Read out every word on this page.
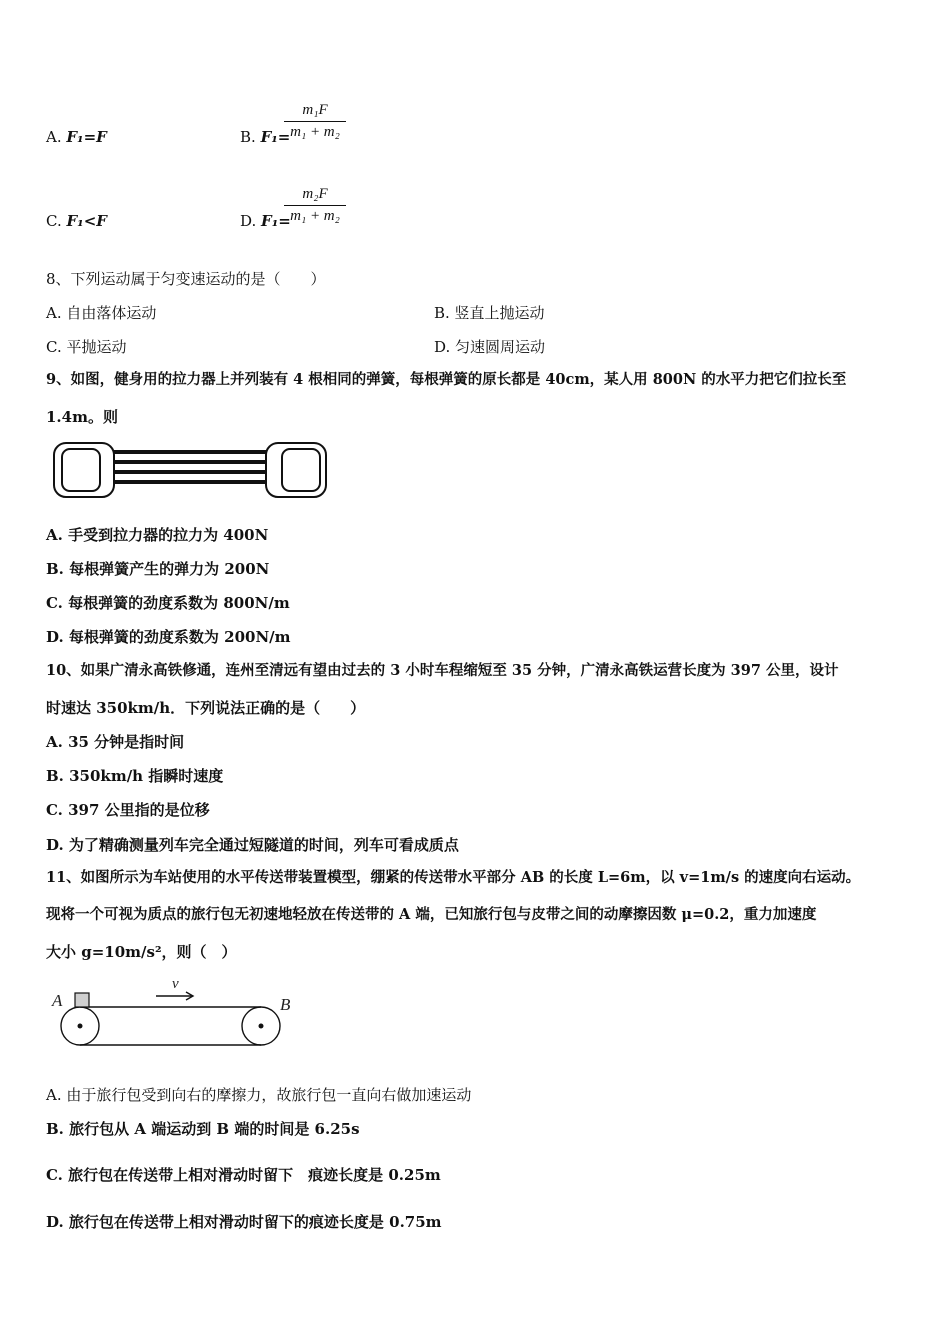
A. F₁=F	B. F₁=
m₁F
m₁ + m₂
C. F₁<F	D. F₁=
m₂F
m₁ + m₂
8、下列运动属于匀变速运动的是（　　）
A. 自由落体运动	B. 竖直上抛运动
C. 平抛运动	D. 匀速圆周运动
9、如图，健身用的拉力器上并列装有 4 根相同的弹簧，每根弹簧的原长都是 40cm，某人用 800N 的水平力把它们拉长至
1.4m。则
A. 手受到拉力器的拉力为 400N
B. 每根弹簧产生的弹力为 200N
C. 每根弹簧的劲度系数为 800N/m
D. 每根弹簧的劲度系数为 200N/m
10、如果广清永高铁修通，连州至清远有望由过去的 3 小时车程缩短至 35 分钟，广清永高铁运营长度为 397 公里，设计
时速达 350km/h．下列说法正确的是（　　）
A. 35 分钟是指时间
B. 350km/h 指瞬时速度
C. 397 公里指的是位移
D. 为了精确测量列车完全通过短隧道的时间，列车可看成质点
11、如图所示为车站使用的水平传送带装置模型，绷紧的传送带水平部分 AB 的长度 L=6m，以 v=1m/s 的速度向右运动。
现将一个可视为质点的旅行包无初速地轻放在传送带的 A 端，已知旅行包与皮带之间的动摩擦因数 μ=0.2，重力加速度
大小 g=10m/s²，则（　）
A	B
v
A. 由于旅行包受到向右的摩擦力，故旅行包一直向右做加速运动
B. 旅行包从 A 端运动到 B 端的时间是 6.25s
C. 旅行包在传送带上相对滑动时留下　痕迹长度是 0.25m
D. 旅行包在传送带上相对滑动时留下的痕迹长度是 0.75m
